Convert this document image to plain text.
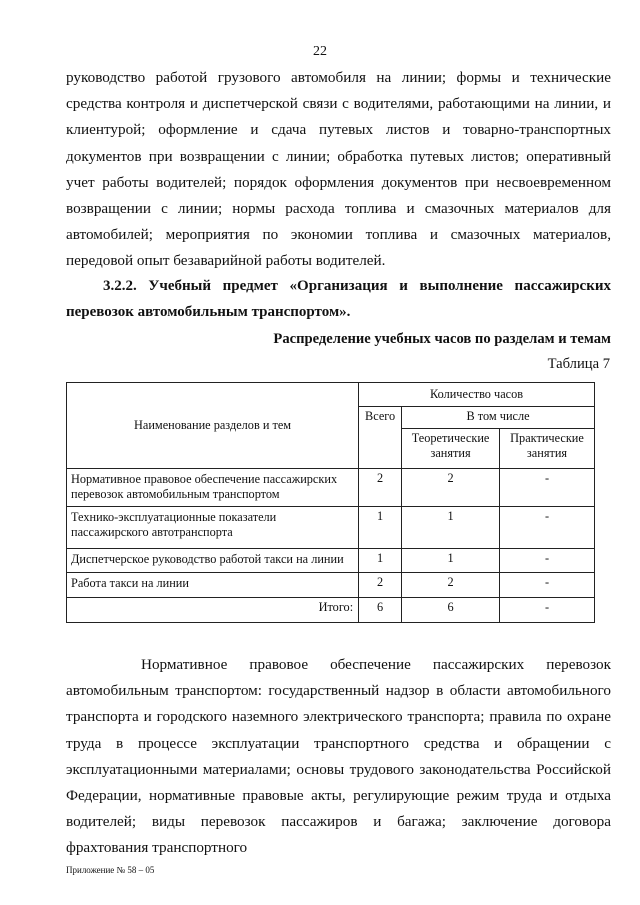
22

руководство работой грузового автомобиля на линии; формы и технические средства контроля и диспетчерской связи с водителями, работающими на линии, и клиентурой; оформление и сдача путевых листов и товарно-транспортных документов при возвращении с линии; обработка путевых листов; оперативный учет работы водителей; порядок оформления документов при несвоевременном возвращении с линии; нормы расхода топлива и смазочных материалов для автомобилей; мероприятия по экономии топлива и смазочных материалов, передовой опыт безаварийной работы водителей.

3.2.2. Учебный предмет «Организация и выполнение пассажирских перевозок автомобильным транспортом».

Распределение учебных часов по разделам и темам
Таблица 7
Наименование разделов и тем	Количество часов		
	Всего	В том числе	
		Теоретические занятия	Практические занятия
Нормативное правовое обеспечение пассажирских перевозок автомобильным транспортом	2	2	-
Технико-эксплуатационные показатели пассажирского автотранспорта	1	1	-
Диспетчерское руководство работой такси на линии	1	1	-
Работа такси на линии	2	2	-
Итого:	6	6	-

Нормативное правовое обеспечение пассажирских перевозок автомобильным транспортом: государственный надзор в области автомобильного транспорта и городского наземного электрического транспорта; правила по охране труда в процессе эксплуатации транспортного средства и обращении с эксплуатационными материалами; основы трудового законодательства Российской Федерации, нормативные правовые акты, регулирующие режим труда и отдыха водителей; виды перевозок пассажиров и багажа; заключение договора фрахтования транспортного

Приложение № 58 – 05
